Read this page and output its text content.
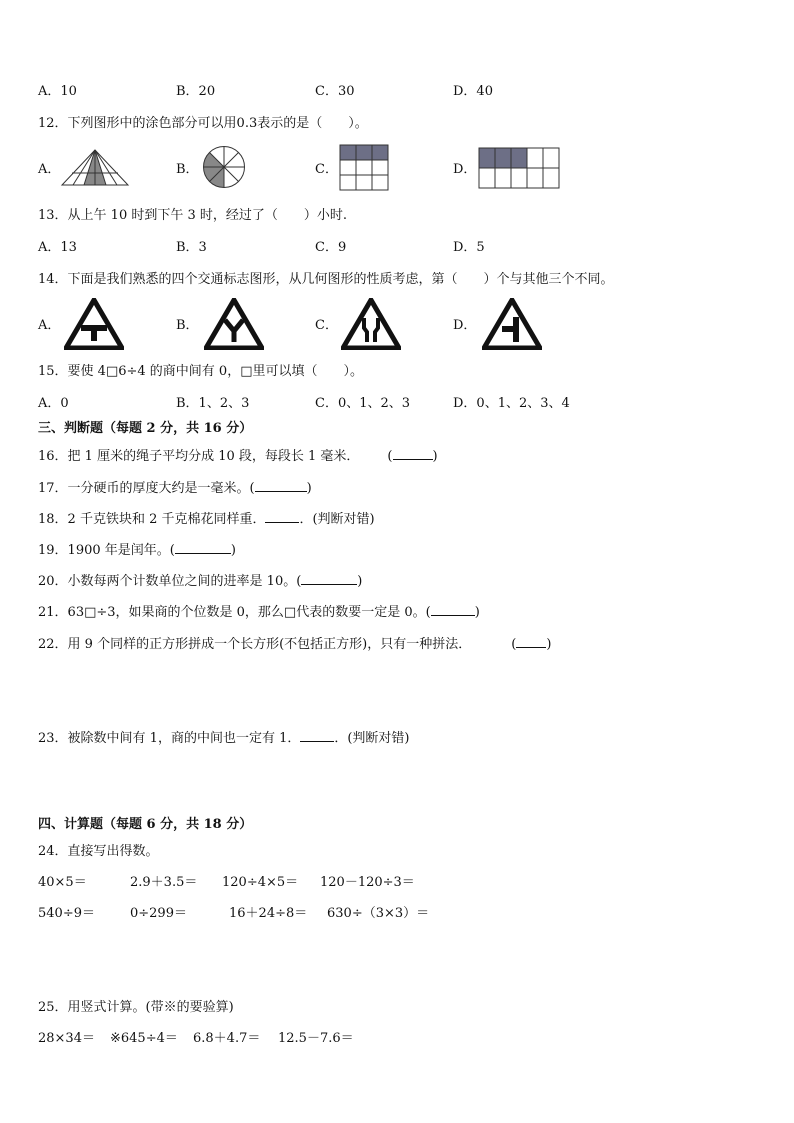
A．10	B．20	C．30	D．40
12．下列图形中的涂色部分可以用0.3表示的是（　　）。
A．	B．	C．	D．
13．从上午 10 时到下午 3 时，经过了（　　）小时.
A．13	B．3	C．9	D．5
14．下面是我们熟悉的四个交通标志图形，从几何图形的性质考虑，第（　　）个与其他三个不同。
A．	B．	C．	D．
15．要使 4□6÷4 的商中间有 0，□里可以填（　　）。
A．0	B．1、2、3	C．0、1、2、3	D．0、1、2、3、4
三、判断题（每题 2 分，共 16 分）
16．把 1 厘米的绳子平均分成 10 段，每段长 1 毫米． (	)
17．一分硬币的厚度大约是一毫米。(	)
18．2 千克铁块和 2 千克棉花同样重．	．(判断对错)
19．1900 年是闰年。(	)
20．小数每两个计数单位之间的进率是 10。(	)
21．63□÷3，如果商的个位数是 0，那么□代表的数要一定是 0。(	)
22．用 9 个同样的正方形拼成一个长方形(不包括正方形)，只有一种拼法．	( )
23．被除数中间有 1，商的中间也一定有 1．	．(判断对错)
四、计算题（每题 6 分，共 18 分）
24．直接写出得数。
40×5＝	2.9＋3.5＝ 120÷4×5＝ 120－120÷3＝
540÷9＝	0÷299＝	16＋24÷8＝ 630÷（3×3）＝
25．用竖式计算。(带※的要验算)
28×34＝ ※645÷4＝ 6.8＋4.7＝ 12.5－7.6＝
